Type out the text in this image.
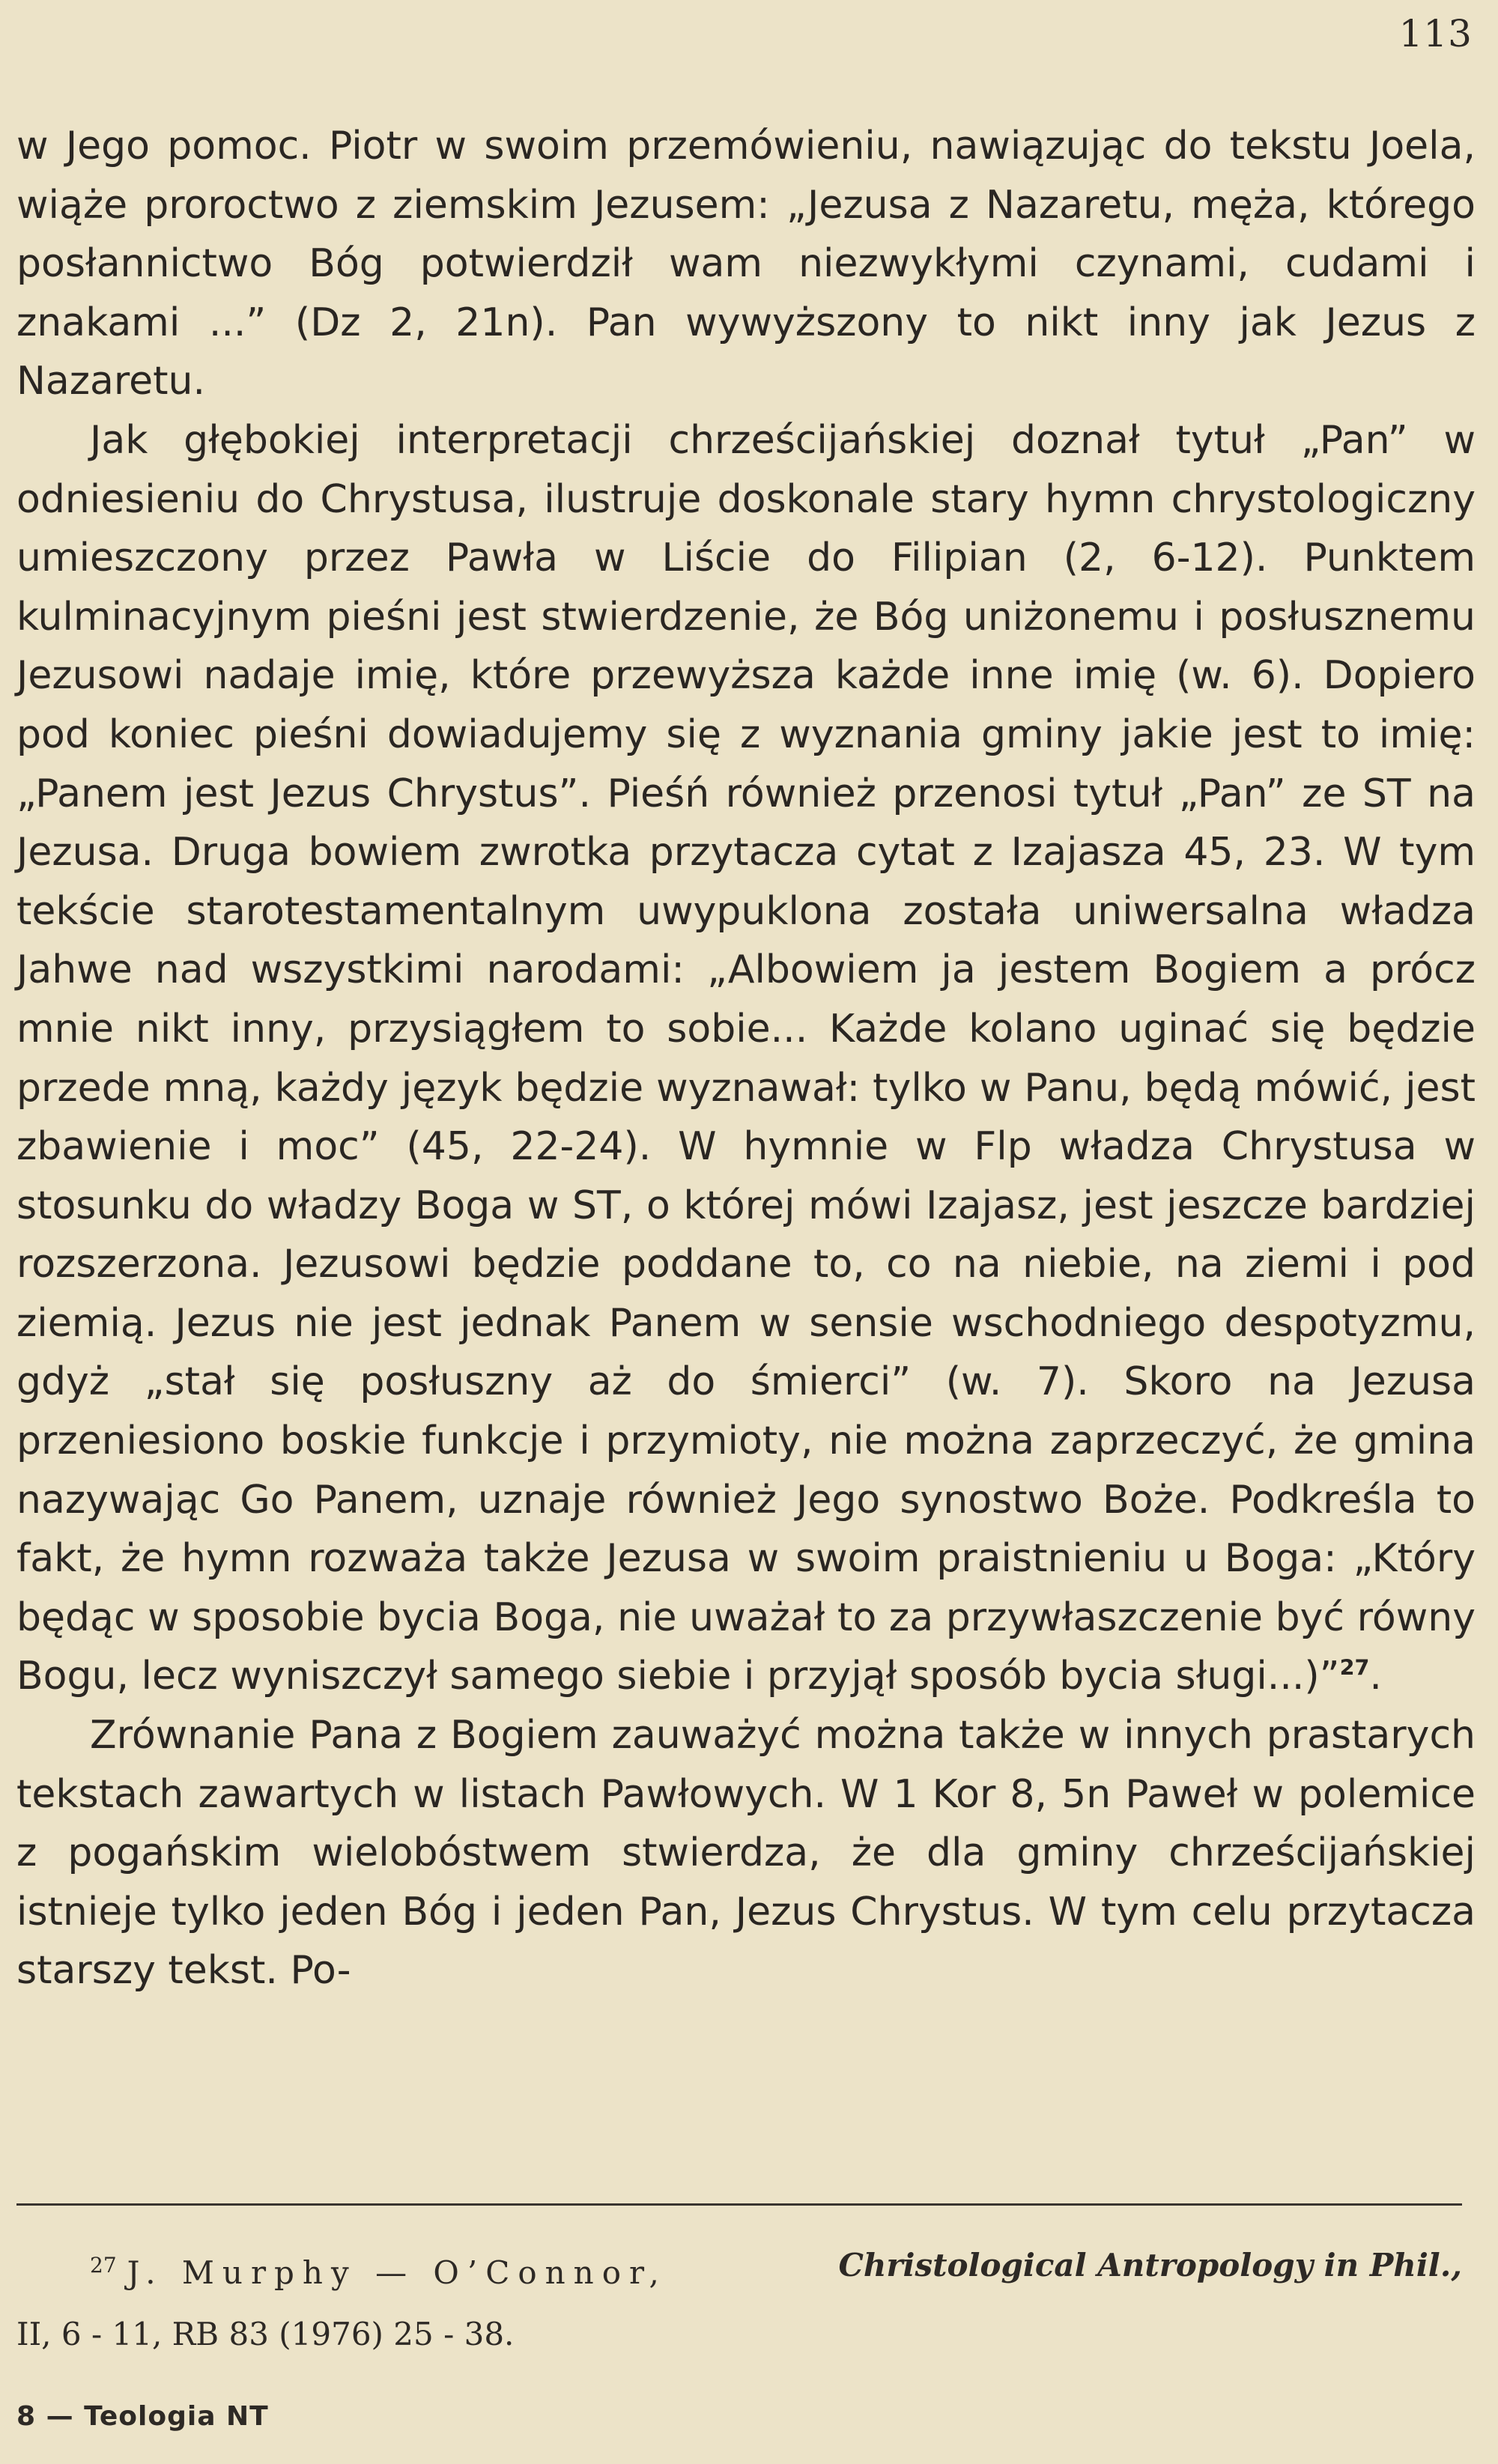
113

w Jego pomoc. Piotr w swoim przemówieniu, nawiązując do tekstu Joela, wiąże proroctwo z ziemskim Jezusem: „Jezusa z Nazaretu, męża, którego posłannictwo Bóg potwierdził wam niezwykłymi czynami, cudami i znakami ...” (Dz 2, 21n). Pan wywyższony to nikt inny jak Jezus z Nazaretu.

Jak głębokiej interpretacji chrześcijańskiej doznał tytuł „Pan” w odniesieniu do Chrystusa, ilustruje doskonale stary hymn chrystologiczny umieszczony przez Pawła w Liście do Filipian (2, 6-12). Punktem kulminacyjnym pieśni jest stwierdzenie, że Bóg uniżonemu i posłusznemu Jezusowi nadaje imię, które przewyższa każde inne imię (w. 6). Dopiero pod koniec pieśni dowiadujemy się z wyznania gminy jakie jest to imię: „Panem jest Jezus Chrystus”. Pieśń również przenosi tytuł „Pan” ze ST na Jezusa. Druga bowiem zwrotka przytacza cytat z Izajasza 45, 23. W tym tekście starotestamentalnym uwypuklona została uniwersalna władza Jahwe nad wszystkimi narodami: „Albowiem ja jestem Bogiem a prócz mnie nikt inny, przysiągłem to sobie... Każde kolano uginać się będzie przede mną, każdy język będzie wyznawał: tylko w Panu, będą mówić, jest zbawienie i moc” (45, 22-24). W hymnie w Flp władza Chrystusa w stosunku do władzy Boga w ST, o której mówi Izajasz, jest jeszcze bardziej rozszerzona. Jezusowi będzie poddane to, co na niebie, na ziemi i pod ziemią. Jezus nie jest jednak Panem w sensie wschodniego despotyzmu, gdyż „stał się posłuszny aż do śmierci” (w. 7). Skoro na Jezusa przeniesiono boskie funkcje i przymioty, nie można zaprzeczyć, że gmina nazywając Go Panem, uznaje również Jego synostwo Boże. Podkreśla to fakt, że hymn rozważa także Jezusa w swoim praistnieniu u Boga: „Który będąc w sposobie bycia Boga, nie uważał to za przywłaszczenie być równy Bogu, lecz wyniszczył samego siebie i przyjął sposób bycia sługi...)”$^{27}$.

Zrównanie Pana z Bogiem zauważyć można także w innych prastarych tekstach zawartych w listach Pawłowych. W 1 Kor 8, 5n Paweł w polemice z pogańskim wielobóstwem stwierdza, że dla gminy chrześcijańskiej istnieje tylko jeden Bóg i jeden Pan, Jezus Chrystus. W tym celu przytacza starszy tekst. Po-

$^{27}$ J. Murphy — O’Connor,	Christological Antropology in Phil.,
II, 6 - 11, RB 83 (1976) 25 - 38.
8 — Teologia NT
